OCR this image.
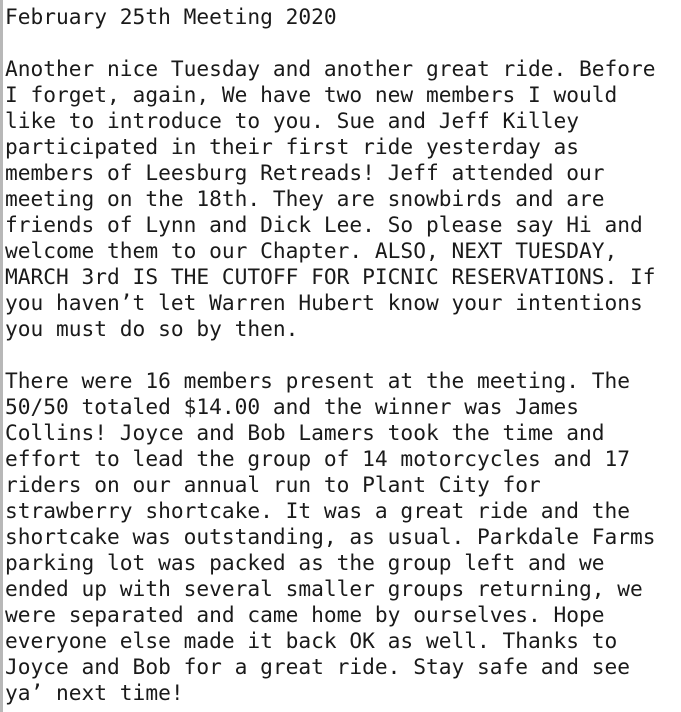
February 25th Meeting 2020
Another nice Tuesday and another great ride. Before
I forget, again, We have two new members I would
like to introduce to you. Sue and Jeff Killey
participated in their first ride yesterday as
members of Leesburg Retreads! Jeff attended our
meeting on the 18th. They are snowbirds and are
friends of Lynn and Dick Lee. So please say Hi and
welcome them to our Chapter. ALSO, NEXT TUESDAY,
MARCH 3rd IS THE CUTOFF FOR PICNIC RESERVATIONS. If
you haven’t let Warren Hubert know your intentions
you must do so by then.
There were 16 members present at the meeting. The
50/50 totaled $14.00 and the winner was James
Collins! Joyce and Bob Lamers took the time and
effort to lead the group of 14 motorcycles and 17
riders on our annual run to Plant City for
strawberry shortcake. It was a great ride and the
shortcake was outstanding, as usual. Parkdale Farms
parking lot was packed as the group left and we
ended up with several smaller groups returning, we
were separated and came home by ourselves. Hope
everyone else made it back OK as well. Thanks to
Joyce and Bob for a great ride. Stay safe and see
ya’ next time!
